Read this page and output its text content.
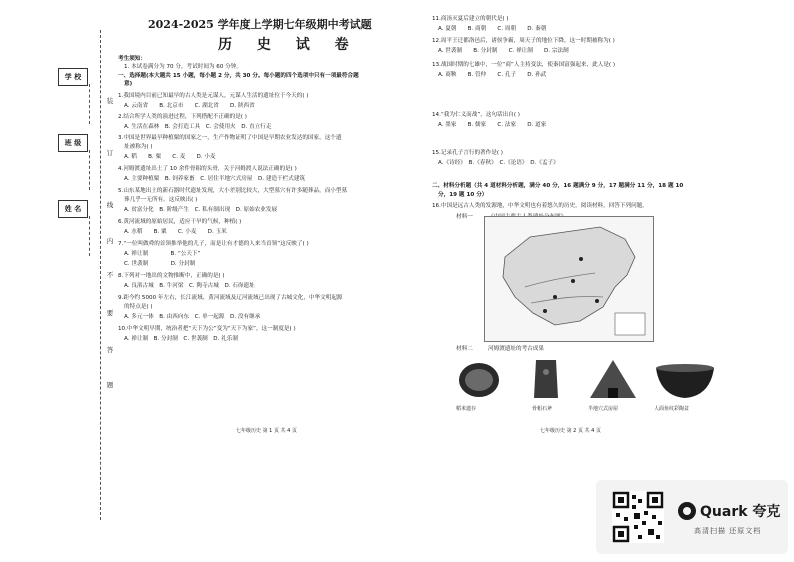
学 校
班 级
姓 名
装
订
线
内
不
要
答
题
2024-2025 学年度上学期七年级期中考试题
历 史 试 卷
考生须知：
1. 本试卷满分为 70 分，考试时间为 60 分钟。
一、选择题(本大题共 15 小题，每小题 2 分，共 30 分。每小题的四个选项中只有一项最符合题
意)
1.我国境内目前已知最早的古人类是元谋人，元谋人生活的遗址位于今天的( )
A. 云南省　　B. 北京市　　C. 湖北省　　D. 陕西省
2.结合所学人类的演进过程，下列搭配不正确的是( )
A. 生活在森林　B. 会打造工具　C. 会使用火　D. 直立行走
3.中国是世界最早种植粟的国家之一，生产作物证明了中国是早期农业发达的国家，这个遗
址被称为( )
A. 稻　　B. 粟　　C. 麦　　D. 小麦
4.河姆渡遗址出土了 10 余件骨耜的头骨，关于河姆渡人说法正确的是( )
A. 主要种植粟　B. 饲养家畜　C. 居住半地穴式房屋　D. 建造干栏式建筑
5.山东某地出土的新石器时代遗址发现，大小差别比较大，大型墓穴有许多随葬品，而小型墓
葬几乎一无所有。这反映出( )
A. 贫富分化　B. 阶级产生　C. 私有制出现　D. 原始农业发展
6.黄河流域的原始居民，适应干旱的气候，种植( )
A. 水稻　　B. 粟　　C. 小麦　　D. 玉米
7.“一位叫做舜的首领推举他的儿子，而是让有才德的人来当首领”这反映了( )
A. 禅让制　　　　B. “公天下”
C. 世袭制　　　　D. 分封制
8.下列对一地出的文物推断中，正确的是( )
A. 良渚古城　B. 牛河梁　C. 陶寺古城　D. 石峁遗址
9.距今约 5000 年左右，长江流域、黄河流域及辽河流域已出现了古城文化，中华文明起源
的特点是( )
A. 多元一体　B. 由西向东　C. 单一起源　D. 没有继承
10.中华文明早期，统治者把“天下为公”变为“天下为家”，这一制度是( )
A. 禅让制　B. 分封制　C. 世袭制　D. 礼乐制
七年级历史 第 1 页 共 4 页
11.商汤灭夏后建立的朝代是( )
A. 夏朝　　B. 商朝　　C. 周朝　　D. 秦朝
12.周平王迁都洛邑后，诸侯争霸，周天子的地位下降，这一时期被称为( )
A. 世袭制　　B. 分封制　　C. 禅让制　　D. 宗法制
13.战国时期的七雄中，一位“商”人主持变法，使秦国富强起来，此人是( )
A. 商鞅　　B. 管仲　　C. 孔子　　D. 孙武
14.“我为仁义而战”，这句话出自( )
A. 墨家　　B. 儒家　　C. 法家　　D. 道家
15.记录孔子言行的著作是( )
A.《诗经》　B.《春秋》　C.《论语》　D.《孟子》
二、材料分析题（共 4 道材料分析题，满分 40 分，16 题满分 9 分，17 题满分 11 分，18 题 10
分，19 题 10 分）
16.中国是远古人类的发源地，中华文明也有着悠久的历史。阅读材料，回答下列问题。
材料一
材料二	河姆渡遗址的考古成果
稻米遗存	骨耜石斧	半地穴式房屋	人面鱼纹彩陶盆
七年级历史 第 2 页 共 4 页
Quark 夸克
高清扫描 还原文档
